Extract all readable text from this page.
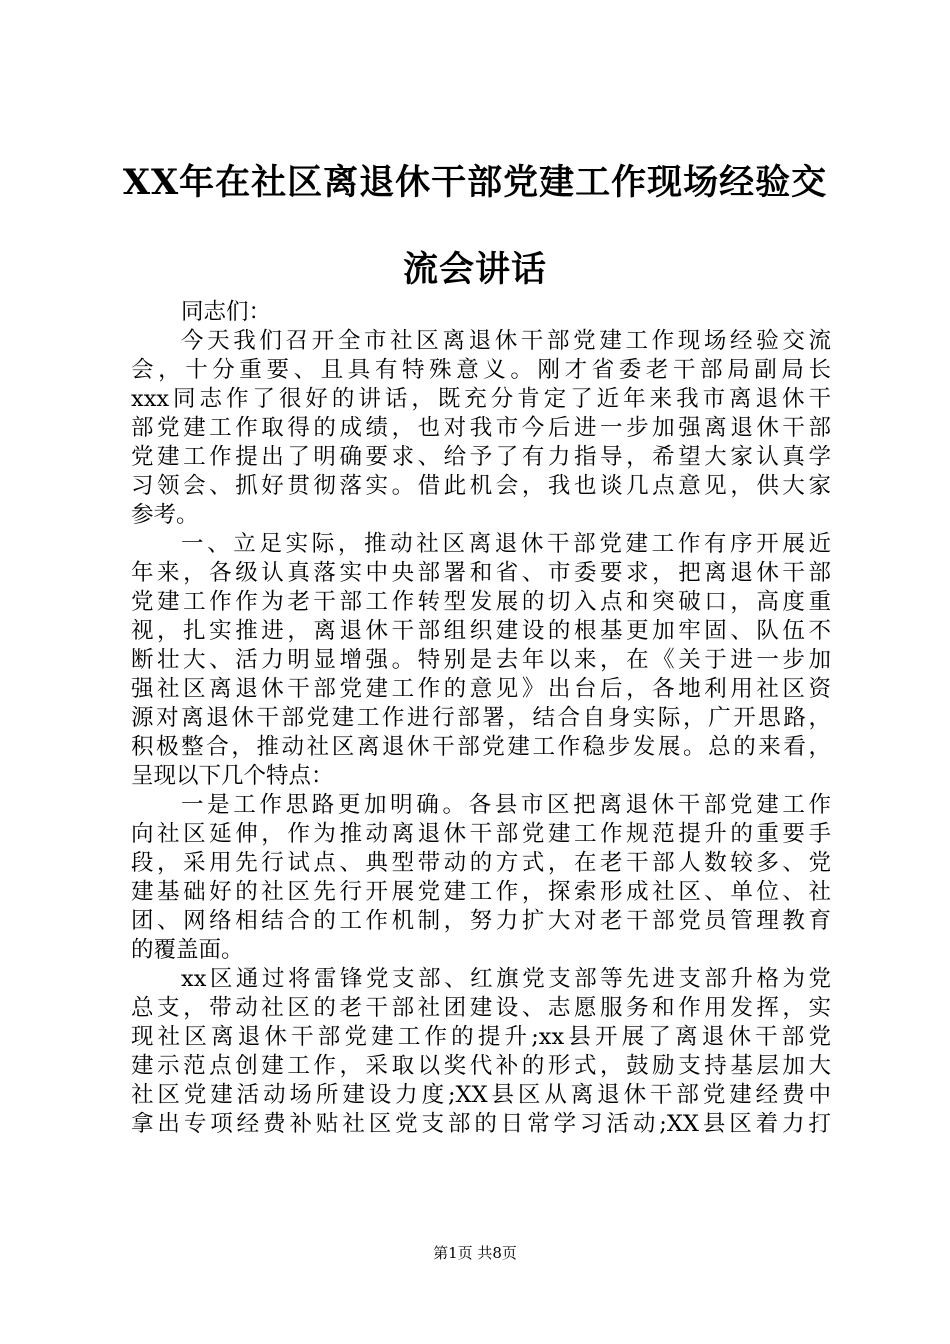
XX年在社区离退休干部党建工作现场经验交
流会讲话
同志们：
今天我们召开全市社区离退休干部党建工作现场经验交流
会，十分重要、且具有特殊意义。刚才省委老干部局副局长
xxx同志作了很好的讲话，既充分肯定了近年来我市离退休干
部党建工作取得的成绩，也对我市今后进一步加强离退休干部
党建工作提出了明确要求、给予了有力指导，希望大家认真学
习领会、抓好贯彻落实。借此机会，我也谈几点意见，供大家
参考。
一、立足实际，推动社区离退休干部党建工作有序开展近
年来，各级认真落实中央部署和省、市委要求，把离退休干部
党建工作作为老干部工作转型发展的切入点和突破口，高度重
视，扎实推进，离退休干部组织建设的根基更加牢固、队伍不
断壮大、活力明显增强。特别是去年以来，在《关于进一步加
强社区离退休干部党建工作的意见》出台后，各地利用社区资
源对离退休干部党建工作进行部署，结合自身实际，广开思路，
积极整合，推动社区离退休干部党建工作稳步发展。总的来看，
呈现以下几个特点：
一是工作思路更加明确。各县市区把离退休干部党建工作
向社区延伸，作为推动离退休干部党建工作规范提升的重要手
段，采用先行试点、典型带动的方式，在老干部人数较多、党
建基础好的社区先行开展党建工作，探索形成社区、单位、社
团、网络相结合的工作机制，努力扩大对老干部党员管理教育
的覆盖面。
xx区通过将雷锋党支部、红旗党支部等先进支部升格为党
总支，带动社区的老干部社团建设、志愿服务和作用发挥，实
现社区离退休干部党建工作的提升;xx县开展了离退休干部党
建示范点创建工作，采取以奖代补的形式，鼓励支持基层加大
社区党建活动场所建设力度;XX县区从离退休干部党建经费中
拿出专项经费补贴社区党支部的日常学习活动;XX县区着力打
第1页 共8页
